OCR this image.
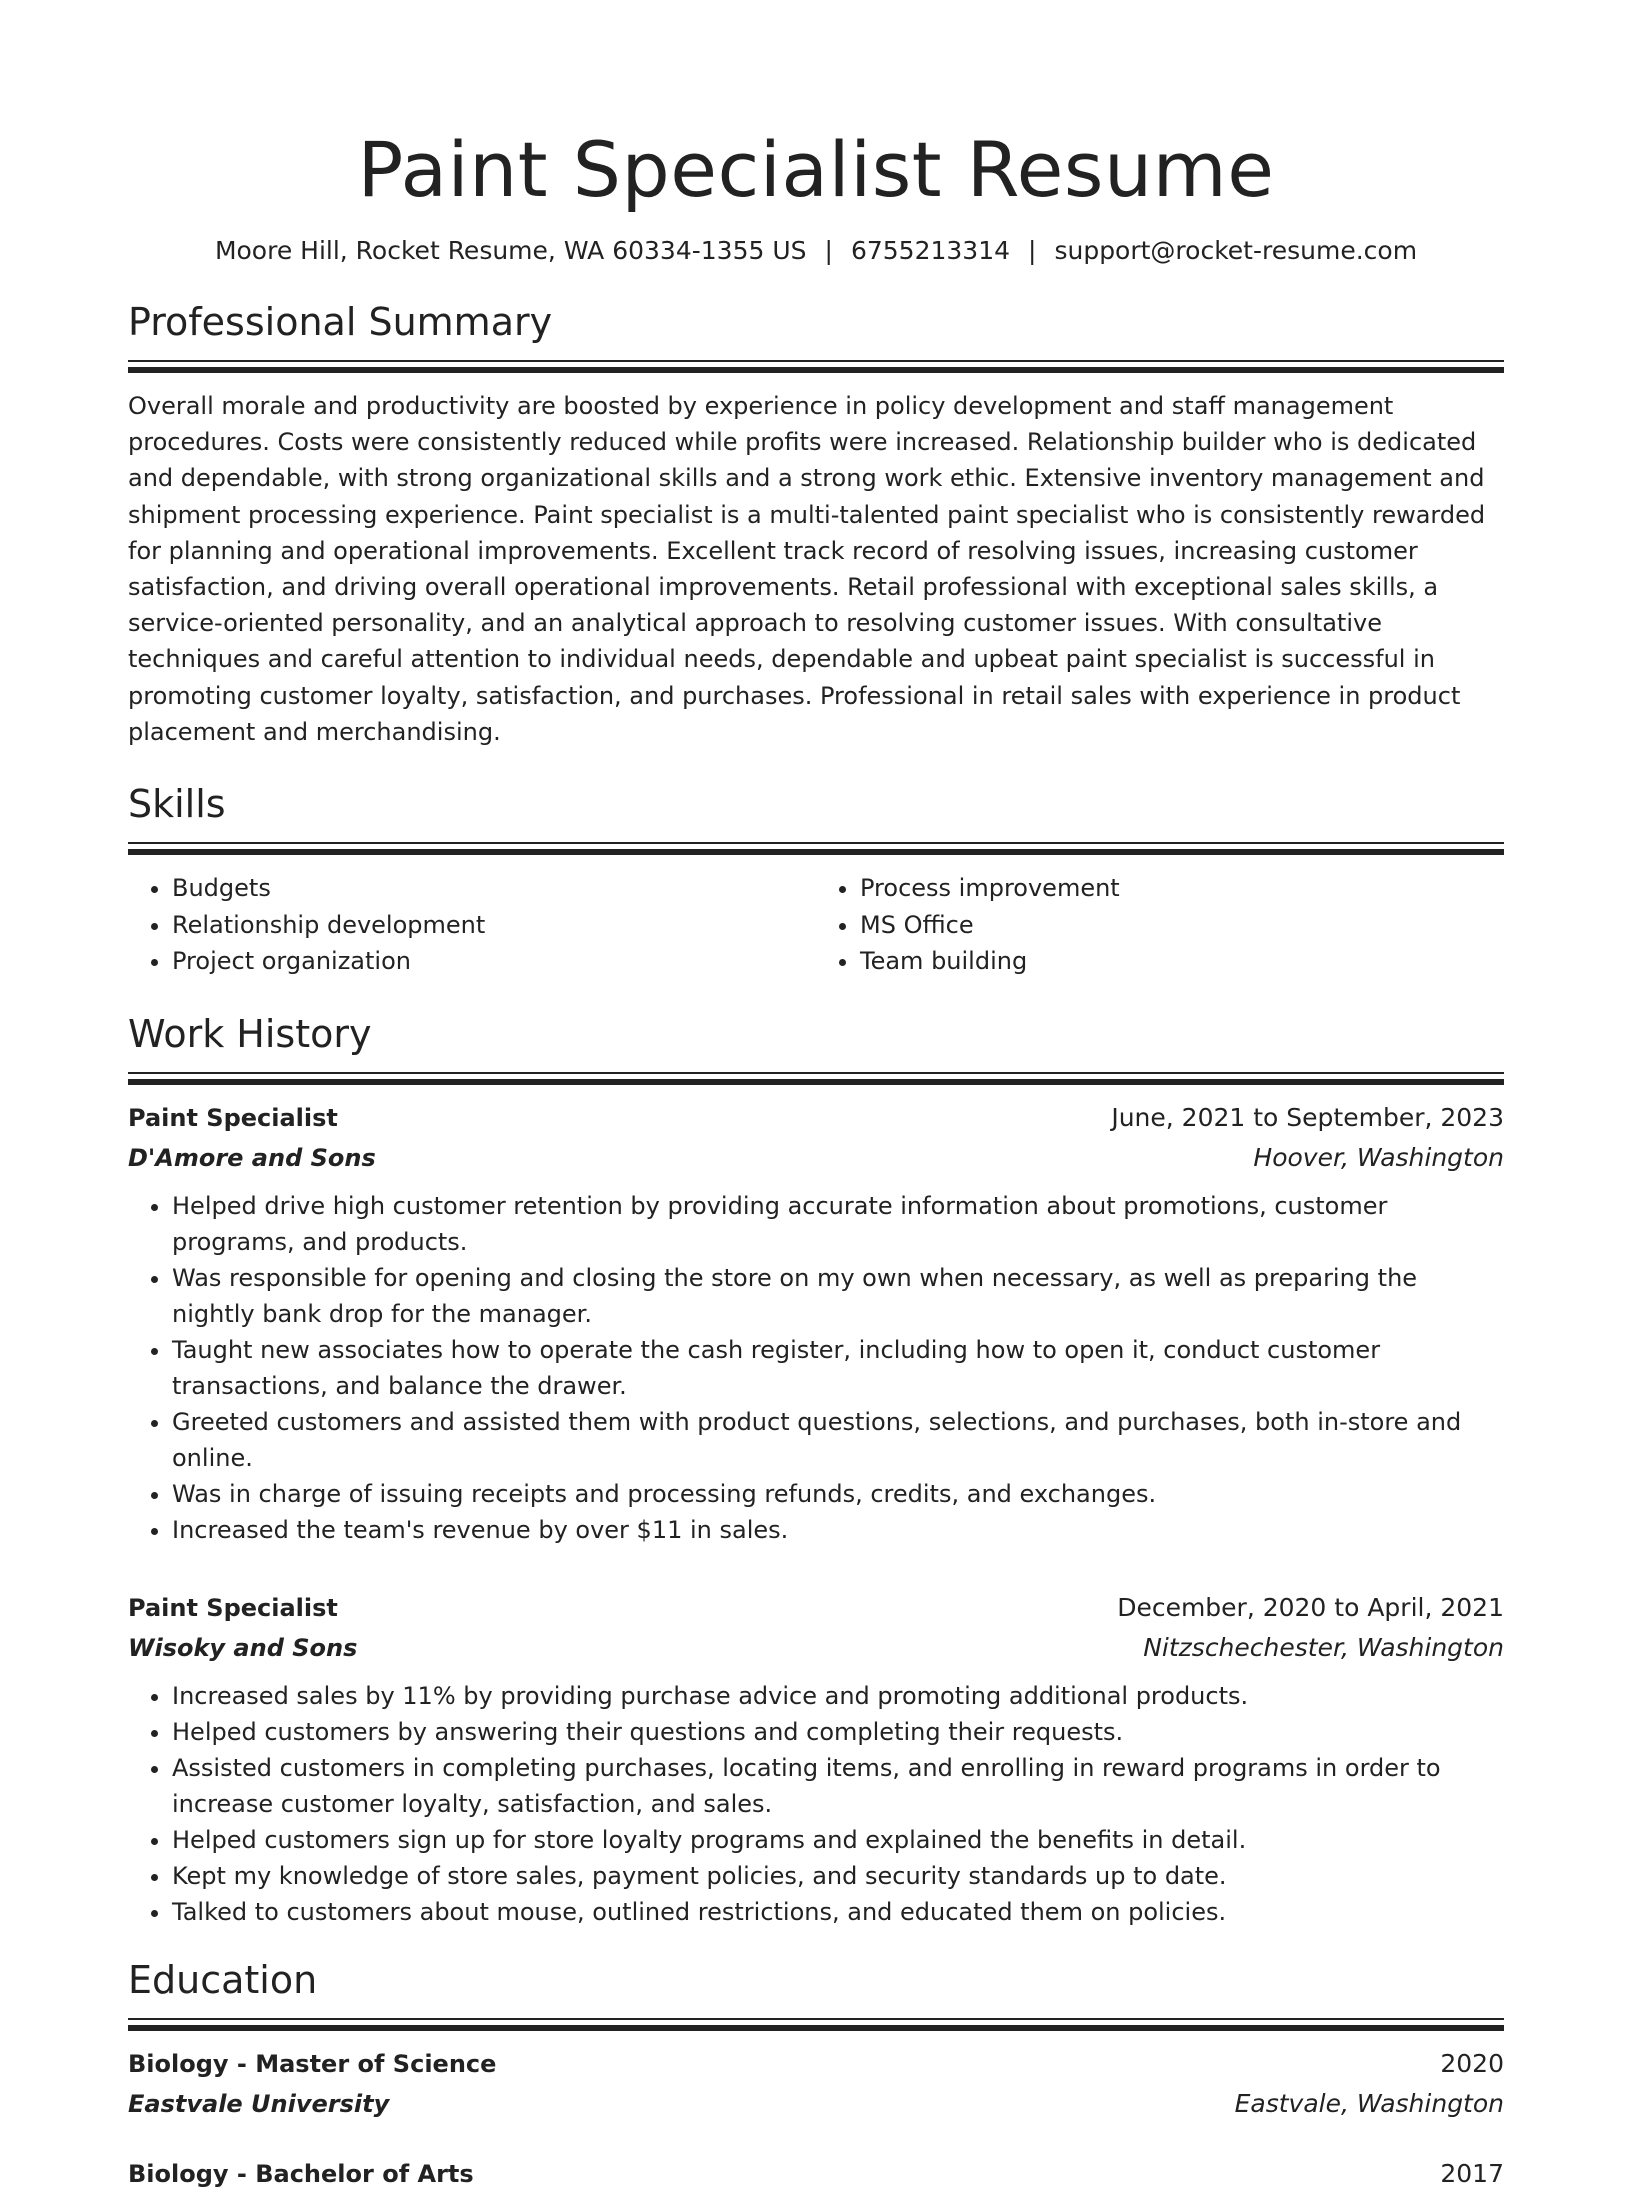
Paint Specialist Resume
Moore Hill, Rocket Resume, WA 60334-1355 US | 6755213314 | support@rocket-resume.com
Professional Summary

Overall morale and productivity are boosted by experience in policy development and staff management procedures. Costs were consistently reduced while profits were increased. Relationship builder who is dedicated and dependable, with strong organizational skills and a strong work ethic. Extensive inventory management and shipment processing experience. Paint specialist is a multi-talented paint specialist who is consistently rewarded for planning and operational improvements. Excellent track record of resolving issues, increasing customer satisfaction, and driving overall operational improvements. Retail professional with exceptional sales skills, a service-oriented personality, and an analytical approach to resolving customer issues. With consultative techniques and careful attention to individual needs, dependable and upbeat paint specialist is successful in promoting customer loyalty, satisfaction, and purchases. Professional in retail sales with experience in product placement and merchandising.

Skills
• Budgets
• Relationship development
• Project organization
• Process improvement
• MS Office
• Team building
Work History
Paint Specialist	June, 2021 to September, 2023
D'Amore and Sons	Hoover, Washington
• Helped drive high customer retention by providing accurate information about promotions, customer programs, and products.
• Was responsible for opening and closing the store on my own when necessary, as well as preparing the nightly bank drop for the manager.
• Taught new associates how to operate the cash register, including how to open it, conduct customer transactions, and balance the drawer.
• Greeted customers and assisted them with product questions, selections, and purchases, both in-store and online.
• Was in charge of issuing receipts and processing refunds, credits, and exchanges.
• Increased the team's revenue by over $11 in sales.
Paint Specialist	December, 2020 to April, 2021
Wisoky and Sons	Nitzschechester, Washington
• Increased sales by 11% by providing purchase advice and promoting additional products.
• Helped customers by answering their questions and completing their requests.
• Assisted customers in completing purchases, locating items, and enrolling in reward programs in order to increase customer loyalty, satisfaction, and sales.
• Helped customers sign up for store loyalty programs and explained the benefits in detail.
• Kept my knowledge of store sales, payment policies, and security standards up to date.
• Talked to customers about mouse, outlined restrictions, and educated them on policies.
Education
Biology - Master of Science	2020
Eastvale University	Eastvale, Washington
Biology - Bachelor of Arts	2017
